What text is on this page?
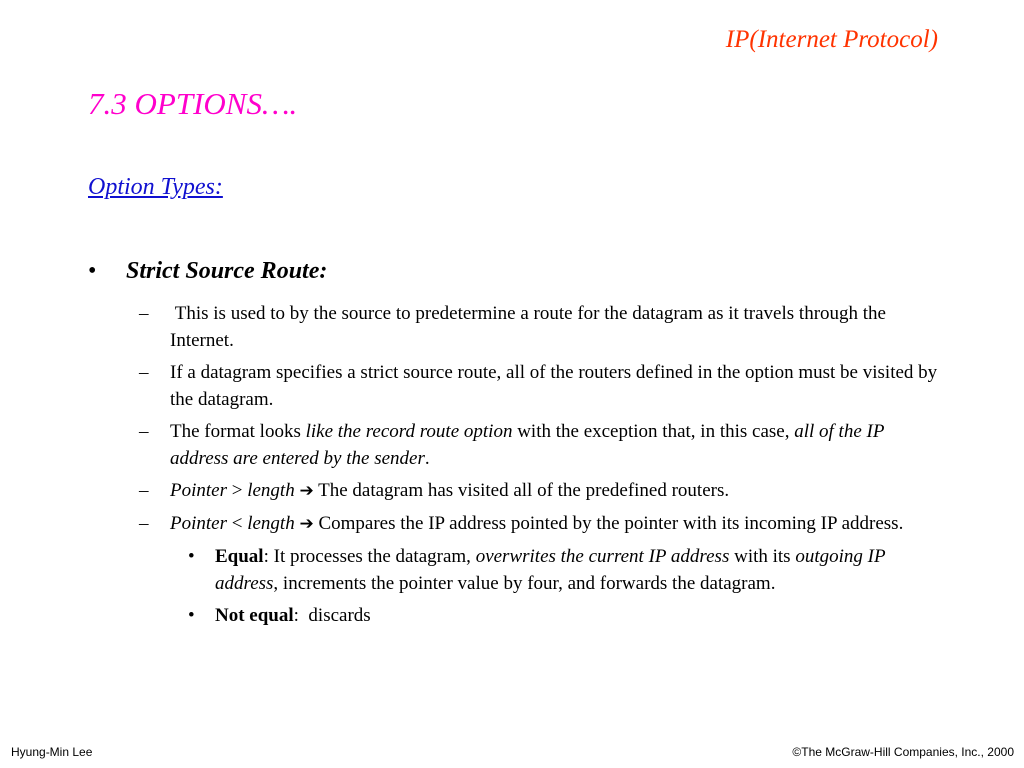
IP(Internet Protocol)
7.3 OPTIONS….
Option Types:
• Strict Source Route:
– This is used to by the source to predetermine a route for the datagram as it travels through the Internet.
– If a datagram specifies a strict source route, all of the routers defined in the option must be visited by the datagram.
– The format looks like the record route option with the exception that, in this case, all of the IP address are entered by the sender.
– Pointer > length ➔ The datagram has visited all of the predefined routers.
– Pointer < length ➔ Compares the IP address pointed by the pointer with its incoming IP address.
• Equal: It processes the datagram, overwrites the current IP address with its outgoing IP address, increments the pointer value by four, and forwards the datagram.
• Not equal:  discards
Hyung-Min Lee	©The McGraw-Hill Companies, Inc., 2000
